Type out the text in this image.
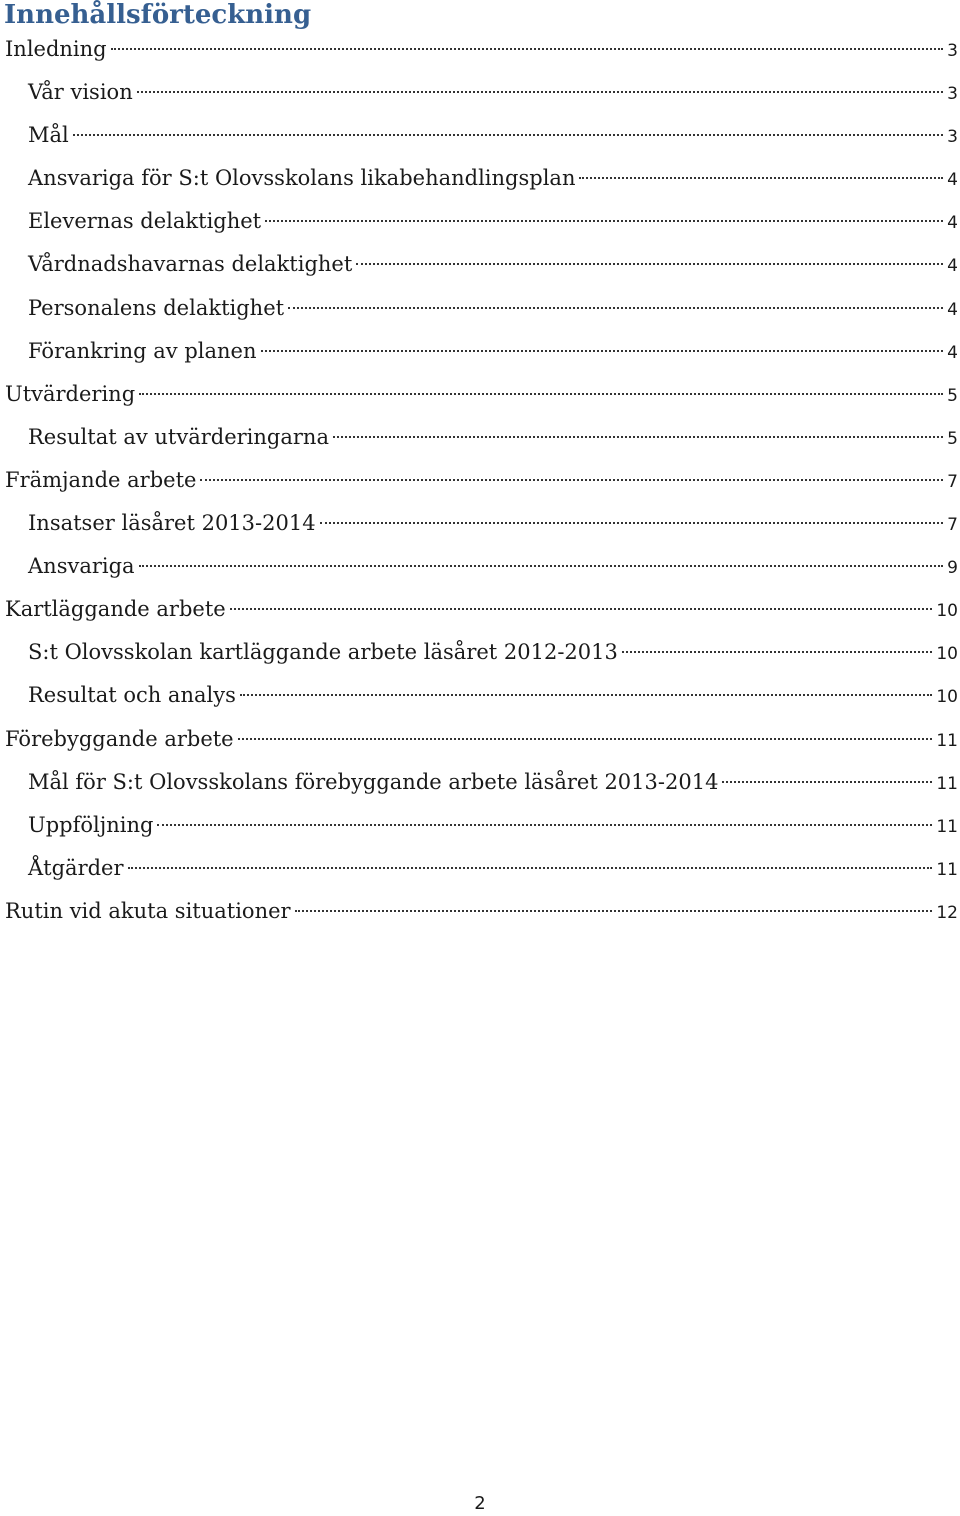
Innehållsförteckning
Inledning	3
Vår vision	3
Mål	3
Ansvariga för S:t Olovsskolans likabehandlingsplan	4
Elevernas delaktighet	4
Vårdnadshavarnas delaktighet	4
Personalens delaktighet	4
Förankring av planen	4
Utvärdering	5
Resultat av utvärderingarna	5
Främjande arbete	7
Insatser läsåret 2013-2014	7
Ansvariga	9
Kartläggande arbete	10
S:t Olovsskolan kartläggande arbete läsåret 2012-2013	10
Resultat och analys	10
Förebyggande arbete	11
Mål för S:t Olovsskolans förebyggande arbete läsåret 2013-2014	11
Uppföljning	11
Åtgärder	11
Rutin vid akuta situationer	12
2
